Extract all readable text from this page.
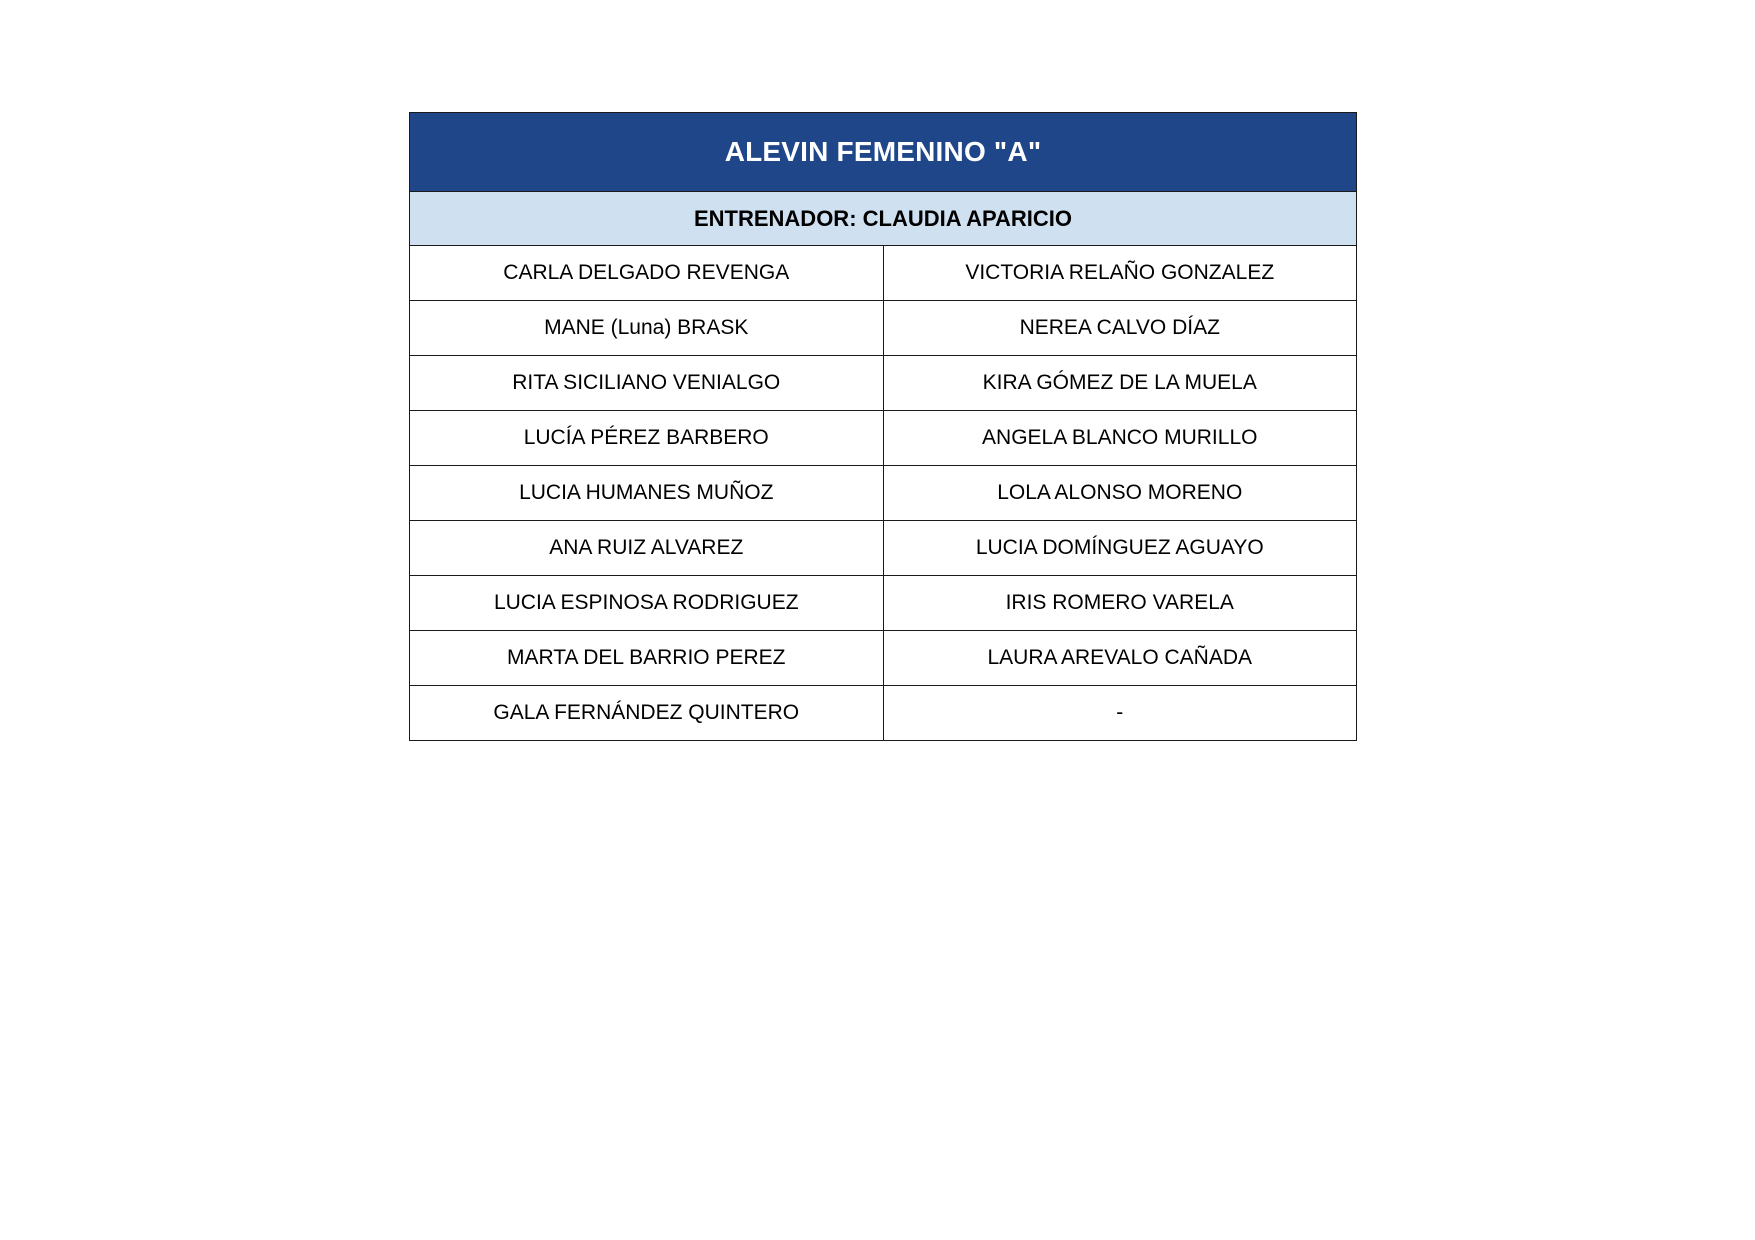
ALEVIN FEMENINO "A"	
ENTRENADOR: CLAUDIA APARICIO	
CARLA DELGADO REVENGA	VICTORIA RELAÑO GONZALEZ
MANE (Luna) BRASK	NEREA CALVO DÍAZ
RITA SICILIANO VENIALGO	KIRA GÓMEZ DE LA MUELA
LUCÍA PÉREZ BARBERO	ANGELA BLANCO MURILLO
LUCIA HUMANES MUÑOZ	LOLA ALONSO MORENO
ANA RUIZ ALVAREZ	LUCIA DOMÍNGUEZ AGUAYO
LUCIA ESPINOSA RODRIGUEZ	IRIS ROMERO VARELA
MARTA DEL BARRIO PEREZ	LAURA AREVALO CAÑADA
GALA FERNÁNDEZ QUINTERO	-
